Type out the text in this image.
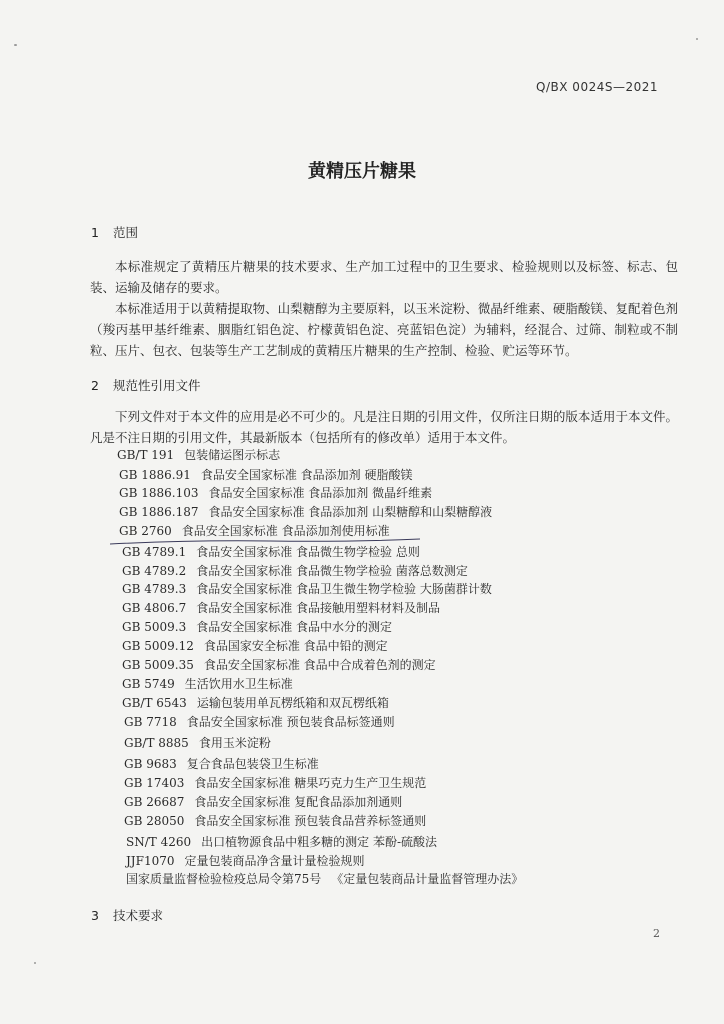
Q/BX 0024S—2021
黄精压片糖果
1 范围

本标准规定了黄精压片糖果的技术要求、生产加工过程中的卫生要求、检验规则以及标签、标志、包装、运输及储存的要求。

本标准适用于以黄精提取物、山梨糖醇为主要原料，以玉米淀粉、微晶纤维素、硬脂酸镁、复配着色剂（羧丙基甲基纤维素、胭脂红铝色淀、柠檬黄铝色淀、亮蓝铝色淀）为辅料，经混合、过筛、制粒或不制粒、压片、包衣、包装等生产工艺制成的黄精压片糖果的生产控制、检验、贮运等环节。

2 规范性引用文件

下列文件对于本文件的应用是必不可少的。凡是注日期的引用文件，仅所注日期的版本适用于本文件。凡是不注日期的引用文件，其最新版本（包括所有的修改单）适用于本文件。

GB/T 191 包装储运图示标志
GB 1886.91 食品安全国家标准 食品添加剂 硬脂酸镁
GB 1886.103 食品安全国家标准 食品添加剂 微晶纤维素
GB 1886.187 食品安全国家标准 食品添加剂 山梨糖醇和山梨糖醇液
GB 2760 食品安全国家标准 食品添加剂使用标准
GB 4789.1 食品安全国家标准 食品微生物学检验 总则
GB 4789.2 食品安全国家标准 食品微生物学检验 菌落总数测定
GB 4789.3 食品安全国家标准 食品卫生微生物学检验 大肠菌群计数
GB 4806.7 食品安全国家标准 食品接触用塑料材料及制品
GB 5009.3 食品安全国家标准 食品中水分的测定
GB 5009.12 食品国家安全标准 食品中铅的测定
GB 5009.35 食品安全国家标准 食品中合成着色剂的测定
GB 5749 生活饮用水卫生标准
GB/T 6543 运输包装用单瓦楞纸箱和双瓦楞纸箱
GB 7718 食品安全国家标准 预包装食品标签通则
GB/T 8885 食用玉米淀粉
GB 9683 复合食品包装袋卫生标准
GB 17403 食品安全国家标准 糖果巧克力生产卫生规范
GB 26687 食品安全国家标准 复配食品添加剂通则
GB 28050 食品安全国家标准 预包装食品营养标签通则
SN/T 4260 出口植物源食品中粗多糖的测定 苯酚-硫酸法
JJF1070 定量包装商品净含量计量检验规则
国家质量监督检验检疫总局令第75号 《定量包装商品计量监督管理办法》
3 技术要求
2
